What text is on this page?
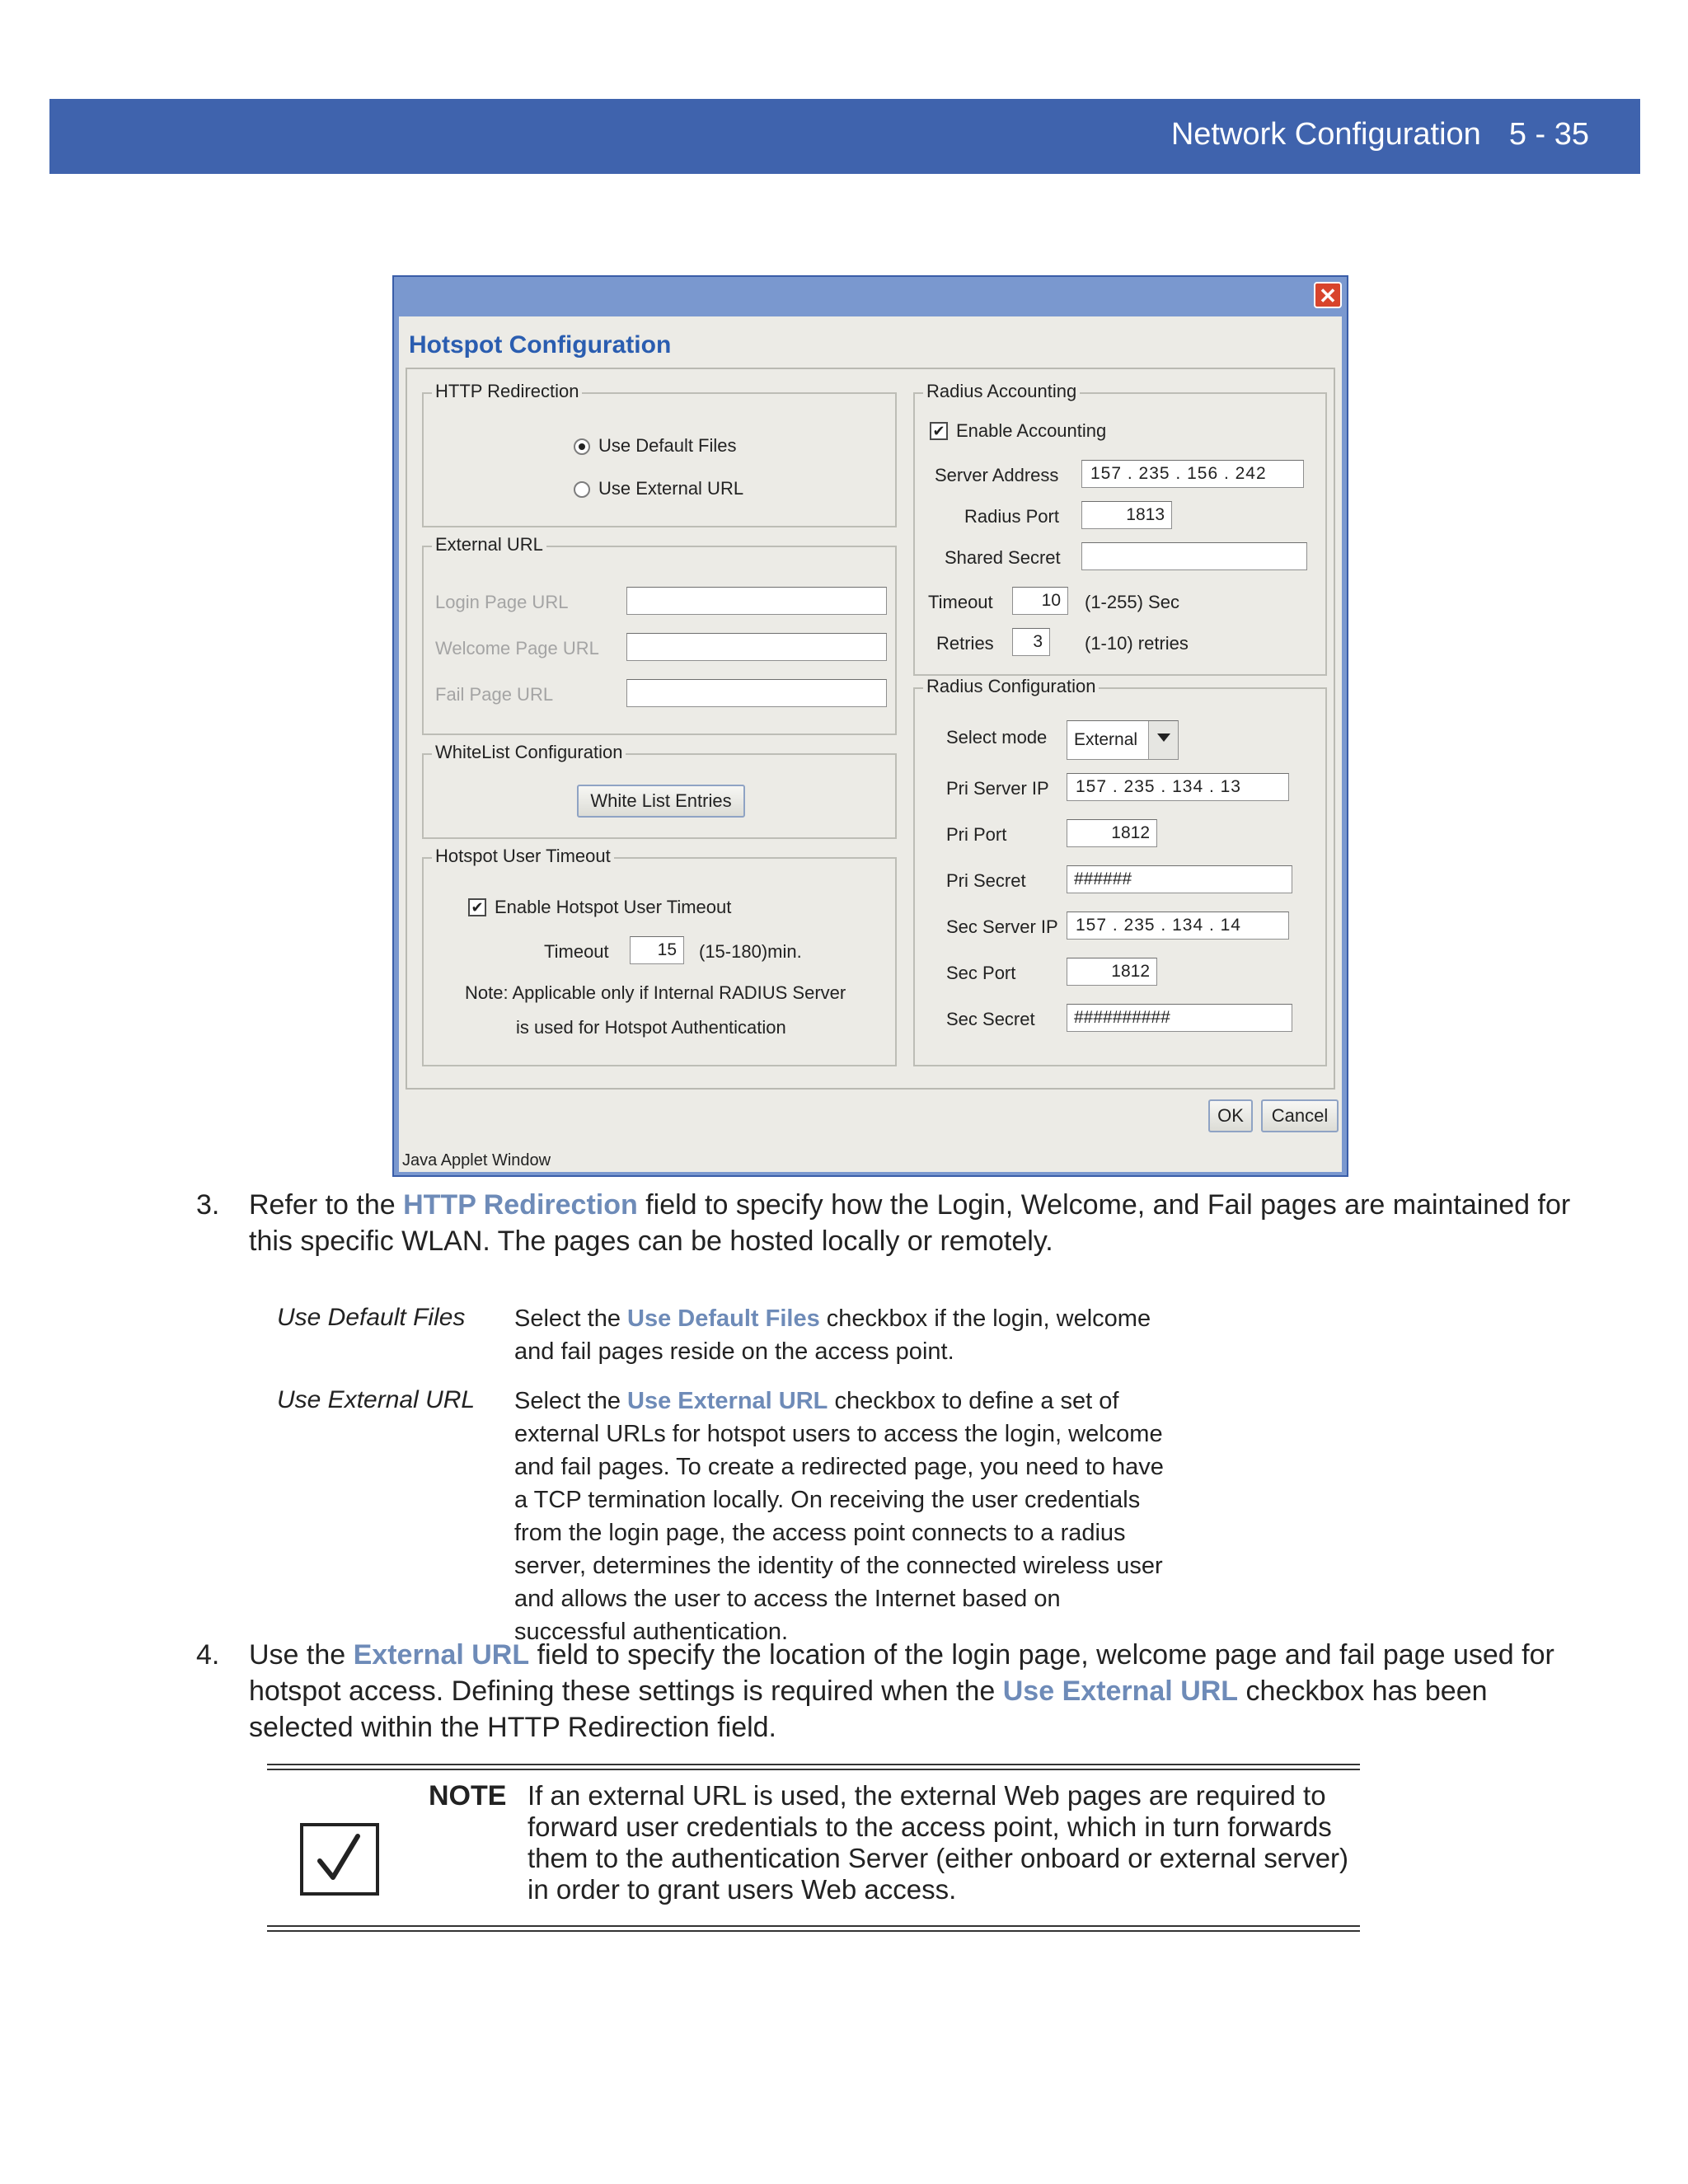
Network Configuration 5 - 35
✕
Hotspot Configuration
HTTP Redirection
Use Default Files
Use External URL
External URL
Login Page URL
Welcome Page URL
Fail Page URL
WhiteList Configuration
White List Entries
Hotspot User Timeout
✔ Enable Hotspot User Timeout
Timeout	15	(15-180)min.
Note: Applicable only if Internal RADIUS Server
is used for Hotspot Authentication
Radius Accounting
✔ Enable Accounting
Server Address	157 . 235 . 156 . 242
Radius Port	1813
Shared Secret
Timeout	10	(1-255) Sec
Retries	3	(1-10) retries
Radius Configuration
Select mode	External
Pri Server IP	157 . 235 . 134 . 13
Pri Port	1812
Pri Secret	######
Sec Server IP	157 . 235 . 134 . 14
Sec Port	1812
Sec Secret	##########
OK	Cancel
Java Applet Window
3. Refer to the HTTP Redirection field to specify how the Login, Welcome, and Fail pages are maintained for this specific WLAN. The pages can be hosted locally or remotely.
Use Default Files Select the Use Default Files checkbox if the login, welcome and fail pages reside on the access point.
Use External URL Select the Use External URL checkbox to define a set of external URLs for hotspot users to access the login, welcome and fail pages. To create a redirected page, you need to have a TCP termination locally. On receiving the user credentials from the login page, the access point connects to a radius server, determines the identity of the connected wireless user and allows the user to access the Internet based on successful authentication.
4. Use the External URL field to specify the location of the login page, welcome page and fail page used for hotspot access. Defining these settings is required when the Use External URL checkbox has been selected within the HTTP Redirection field.
NOTE If an external URL is used, the external Web pages are required to forward user credentials to the access point, which in turn forwards them to the authentication Server (either onboard or external server) in order to grant users Web access.
